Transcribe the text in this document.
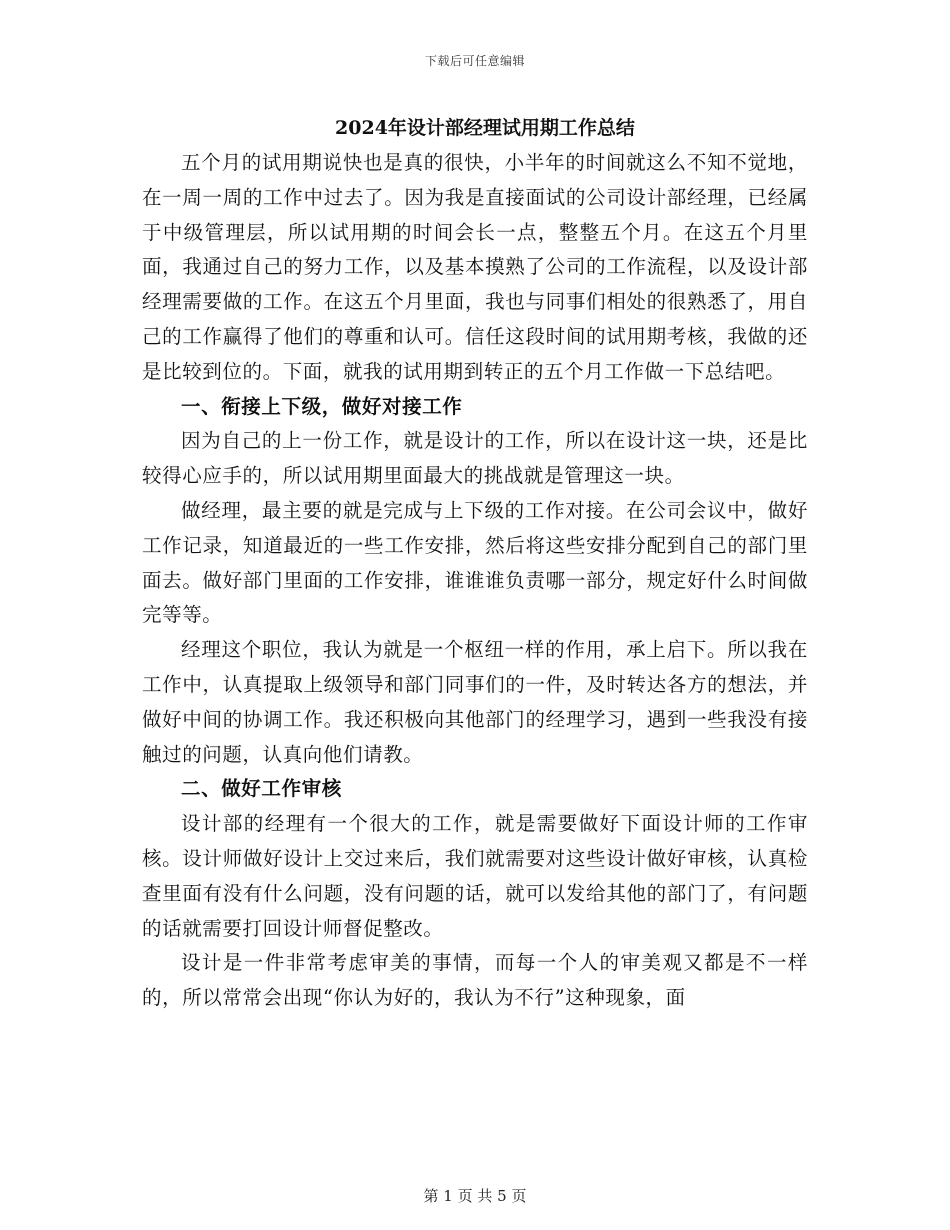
下载后可任意编辑
2024年设计部经理试用期工作总结

五个月的试用期说快也是真的很快，小半年的时间就这么不知不觉地，在一周一周的工作中过去了。因为我是直接面试的公司设计部经理，已经属于中级管理层，所以试用期的时间会长一点，整整五个月。在这五个月里面，我通过自己的努力工作，以及基本摸熟了公司的工作流程，以及设计部经理需要做的工作。在这五个月里面，我也与同事们相处的很熟悉了，用自己的工作赢得了他们的尊重和认可。信任这段时间的试用期考核，我做的还是比较到位的。下面，就我的试用期到转正的五个月工作做一下总结吧。

一、衔接上下级，做好对接工作

因为自己的上一份工作，就是设计的工作，所以在设计这一块，还是比较得心应手的，所以试用期里面最大的挑战就是管理这一块。

做经理，最主要的就是完成与上下级的工作对接。在公司会议中，做好工作记录，知道最近的一些工作安排，然后将这些安排分配到自己的部门里面去。做好部门里面的工作安排，谁谁谁负责哪一部分，规定好什么时间做完等等。

经理这个职位，我认为就是一个枢纽一样的作用，承上启下。所以我在工作中，认真提取上级领导和部门同事们的一件，及时转达各方的想法，并做好中间的协调工作。我还积极向其他部门的经理学习，遇到一些我没有接触过的问题，认真向他们请教。

二、做好工作审核

设计部的经理有一个很大的工作，就是需要做好下面设计师的工作审核。设计师做好设计上交过来后，我们就需要对这些设计做好审核，认真检查里面有没有什么问题，没有问题的话，就可以发给其他的部门了，有问题的话就需要打回设计师督促整改。

设计是一件非常考虑审美的事情，而每一个人的审美观又都是不一样的，所以常常会出现“你认为好的，我认为不行”这种现象，面

第 1 页 共 5 页
